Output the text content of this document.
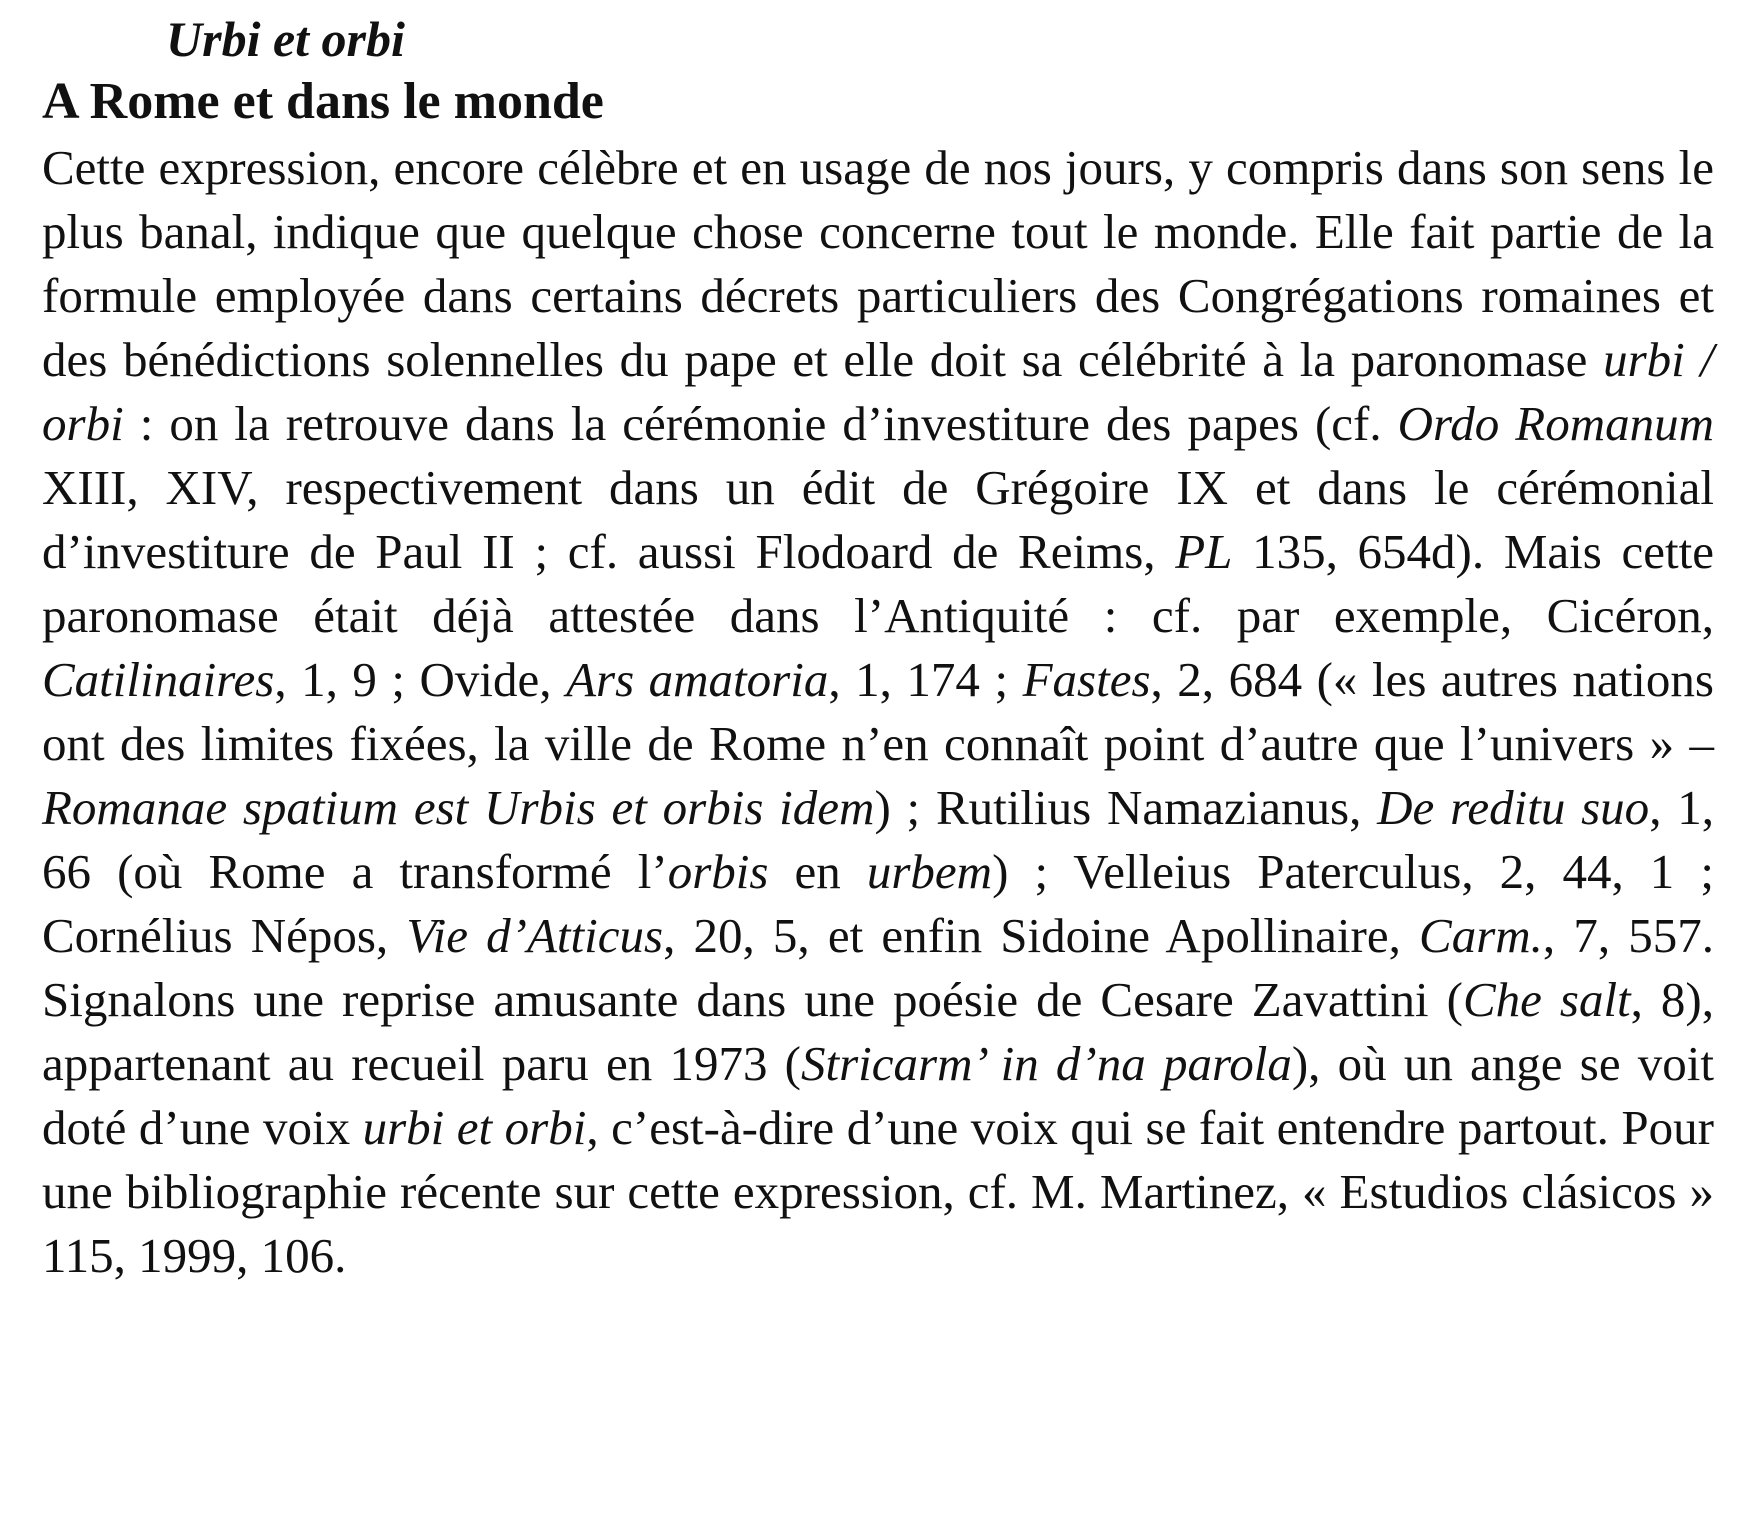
Urbi et orbi

A Rome et dans le monde

Cette expression, encore célèbre et en usage de nos jours, y compris dans son sens le plus banal, indique que quelque chose concerne tout le monde. Elle fait partie de la formule employée dans certains décrets particuliers des Congrégations romaines et des bénédictions solennelles du pape et elle doit sa célébrité à la paronomase urbi / orbi : on la retrouve dans la cérémonie d’investiture des papes (cf. Ordo Romanum XIII, XIV, respectivement dans un édit de Grégoire IX et dans le cérémonial d’investiture de Paul II ; cf. aussi Flodoard de Reims, PL 135, 654d). Mais cette paronomase était déjà attestée dans l’Antiquité : cf. par exemple, Cicéron, Catilinaires, 1, 9 ; Ovide, Ars amatoria, 1, 174 ; Fastes, 2, 684 (« les autres nations ont des limites fixées, la ville de Rome n’en connaît point d’autre que l’univers » – Romanae spatium est Urbis et orbis idem) ; Rutilius Namazianus, De reditu suo, 1, 66 (où Rome a transformé l’orbis en urbem) ; Velleius Paterculus, 2, 44, 1 ; Cornélius Népos, Vie d’Atticus, 20, 5, et enfin Sidoine Apollinaire, Carm., 7, 557. Signalons une reprise amusante dans une poésie de Cesare Zavattini (Che salt, 8), appartenant au recueil paru en 1973 (Stricarm’ in d’na parola), où un ange se voit doté d’une voix urbi et orbi, c’est-à-dire d’une voix qui se fait entendre partout. Pour une bibliographie récente sur cette expression, cf. M. Martinez, « Estudios clásicos » 115, 1999, 106.
